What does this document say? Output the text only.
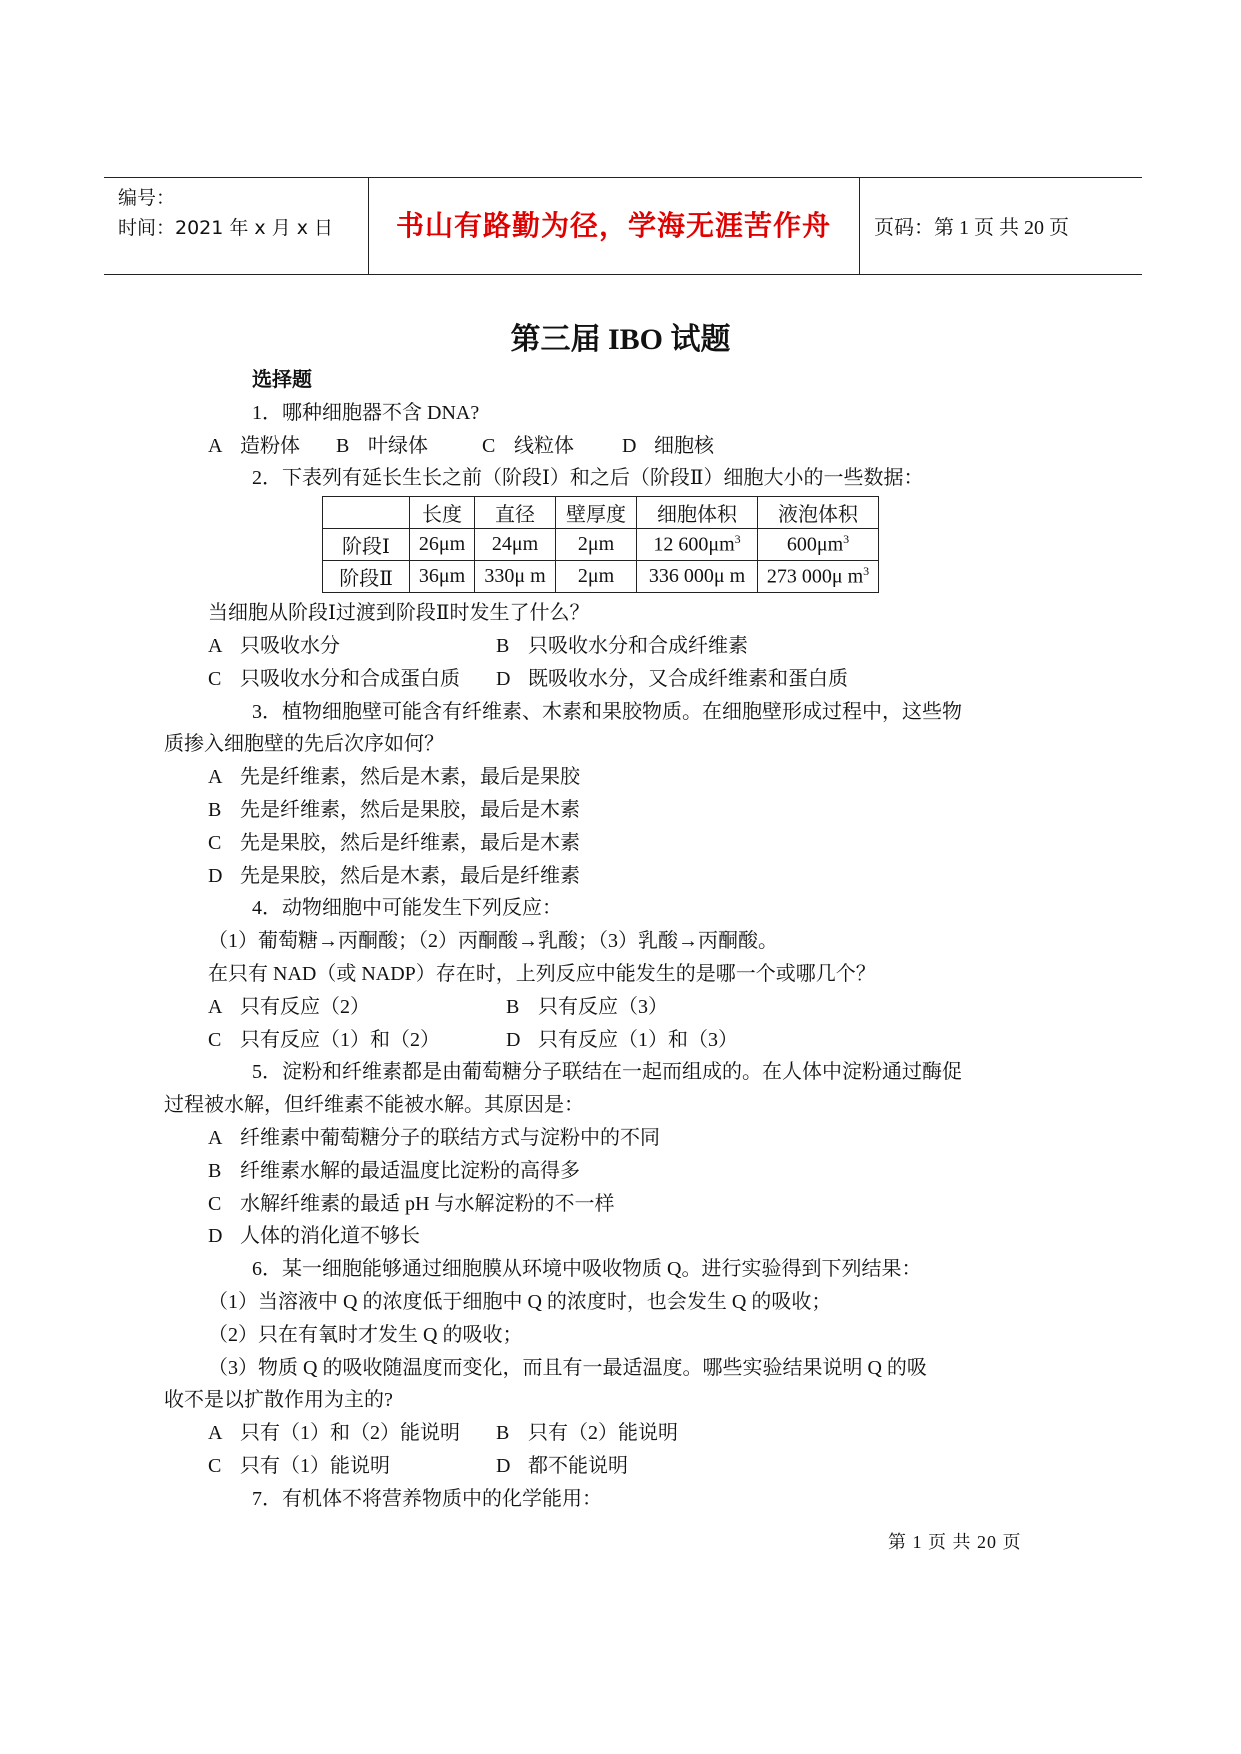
编号：
时间：2021 年 x 月 x 日	书山有路勤为径，学海无涯苦作舟	页码：第 1 页 共 20 页
第三届 IBO 试题
选择题
1．哪种细胞器不含 DNA?
A 造粉体 B 叶绿体	C 线粒体 D 细胞核
2．下表列有延长生长之前（阶段Ⅰ）和之后（阶段Ⅱ）细胞大小的一些数据：
	长度	直径	壁厚度	细胞体积	液泡体积
阶段Ⅰ	26μm	24μm	2μm	12 $600\mu m^3$	$600\mu m^3$
阶段Ⅱ	36μm	330μ m	2μm	336 000μ m	273 000μ $m^3$
当细胞从阶段Ⅰ过渡到阶段Ⅱ时发生了什么？
A 只吸收水分	B 只吸收水分和合成纤维素
C 只吸收水分和合成蛋白质 D 既吸收水分，又合成纤维素和蛋白质
3．植物细胞壁可能含有纤维素、木素和果胶物质。在细胞壁形成过程中，这些物
质掺入细胞壁的先后次序如何？
A 先是纤维素，然后是木素，最后是果胶
B 先是纤维素，然后是果胶，最后是木素
C 先是果胶，然后是纤维素，最后是木素
D 先是果胶，然后是木素，最后是纤维素
4．动物细胞中可能发生下列反应：
（1）葡萄糖→丙酮酸；（2）丙酮酸→乳酸；（3）乳酸→丙酮酸。
在只有 NAD（或 NADP）存在时，上列反应中能发生的是哪一个或哪几个？
A 只有反应（2）	B 只有反应（3）
C 只有反应（1）和（2）	D 只有反应（1）和（3）
5．淀粉和纤维素都是由葡萄糖分子联结在一起而组成的。在人体中淀粉通过酶促
过程被水解，但纤维素不能被水解。其原因是：
A 纤维素中葡萄糖分子的联结方式与淀粉中的不同
B 纤维素水解的最适温度比淀粉的高得多
C 水解纤维素的最适 pH 与水解淀粉的不一样
D 人体的消化道不够长
6．某一细胞能够通过细胞膜从环境中吸收物质 Q。进行实验得到下列结果：
（1）当溶液中 Q 的浓度低于细胞中 Q 的浓度时，也会发生 Q 的吸收；
（2）只在有氧时才发生 Q 的吸收；
（3）物质 Q 的吸收随温度而变化，而且有一最适温度。哪些实验结果说明 Q 的吸
收不是以扩散作用为主的?
A 只有（1）和（2）能说明 B 只有（2）能说明
C 只有（1）能说明	D 都不能说明
7．有机体不将营养物质中的化学能用：
第 1 页 共 20 页
